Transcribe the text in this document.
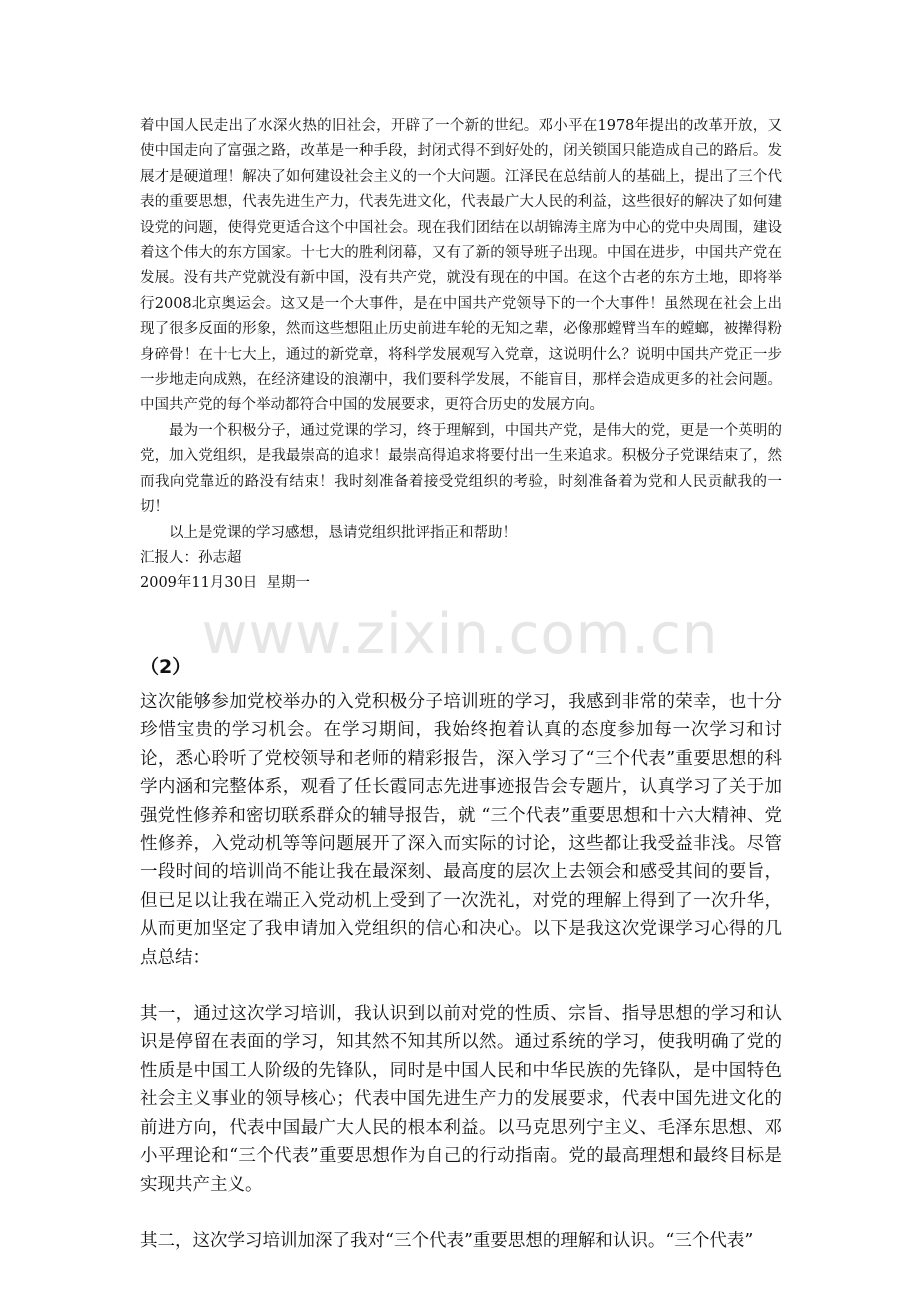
着中国人民走出了水深火热的旧社会，开辟了一个新的世纪。邓小平在1978年提出的改革开放，又使中国走向了富强之路，改革是一种手段，封闭式得不到好处的，闭关锁国只能造成自己的路后。发展才是硬道理！解决了如何建设社会主义的一个大问题。江泽民在总结前人的基础上，提出了三个代表的重要思想，代表先进生产力，代表先进文化，代表最广大人民的利益，这些很好的解决了如何建设党的问题，使得党更适合这个中国社会。现在我们团结在以胡锦涛主席为中心的党中央周围，建设着这个伟大的东方国家。十七大的胜利闭幕，又有了新的领导班子出现。中国在进步，中国共产党在发展。没有共产党就没有新中国，没有共产党，就没有现在的中国。在这个古老的东方土地，即将举行2008北京奥运会。这又是一个大事件，是在中国共产党领导下的一个大事件！虽然现在社会上出现了很多反面的形象，然而这些想阻止历史前进车轮的无知之辈，必像那螳臂当车的螳螂，被撵得粉身碎骨！在十七大上，通过的新党章，将科学发展观写入党章，这说明什么？说明中国共产党正一步一步地走向成熟，在经济建设的浪潮中，我们要科学发展，不能盲目，那样会造成更多的社会问题。中国共产党的每个举动都符合中国的发展要求，更符合历史的发展方向。

最为一个积极分子，通过党课的学习，终于理解到，中国共产党，是伟大的党，更是一个英明的党，加入党组织，是我最崇高的追求！最崇高得追求将要付出一生来追求。积极分子党课结束了，然而我向党靠近的路没有结束！我时刻准备着接受党组织的考验，时刻准备着为党和人民贡献我的一切！

以上是党课的学习感想，恳请党组织批评指正和帮助！

汇报人：孙志超
2009年11月30日  星期一
www.zixin.com.cn
（2）

这次能够参加党校举办的入党积极分子培训班的学习，我感到非常的荣幸，也十分珍惜宝贵的学习机会。在学习期间，我始终抱着认真的态度参加每一次学习和讨论，悉心聆听了党校领导和老师的精彩报告，深入学习了“三个代表”重要思想的科学内涵和完整体系，观看了任长霞同志先进事迹报告会专题片，认真学习了关于加强党性修养和密切联系群众的辅导报告，就 “三个代表”重要思想和十六大精神、党性修养，入党动机等等问题展开了深入而实际的讨论，这些都让我受益非浅。尽管一段时间的培训尚不能让我在最深刻、最高度的层次上去领会和感受其间的要旨，但已足以让我在端正入党动机上受到了一次洗礼，对党的理解上得到了一次升华，从而更加坚定了我申请加入党组织的信心和决心。以下是我这次党课学习心得的几点总结：

其一，通过这次学习培训，我认识到以前对党的性质、宗旨、指导思想的学习和认识是停留在表面的学习，知其然不知其所以然。通过系统的学习，使我明确了党的性质是中国工人阶级的先锋队，同时是中国人民和中华民族的先锋队，是中国特色社会主义事业的领导核心；代表中国先进生产力的发展要求，代表中国先进文化的前进方向，代表中国最广大人民的根本利益。以马克思列宁主义、毛泽东思想、邓小平理论和“三个代表”重要思想作为自己的行动指南。党的最高理想和最终目标是实现共产主义。

其二，这次学习培训加深了我对“三个代表”重要思想的理解和认识。“三个代表”
